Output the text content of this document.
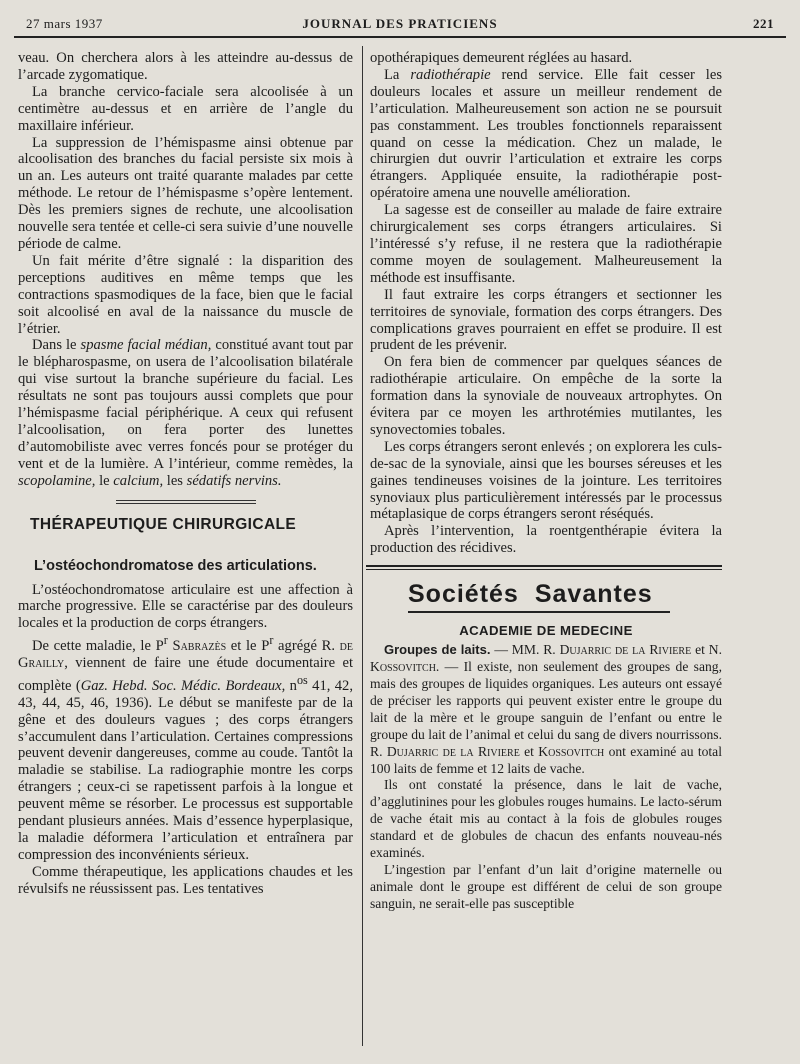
27 mars 1937	JOURNAL DES PRATICIENS	221

veau. On cherchera alors à les atteindre au-dessus de l’arcade zygomatique.

La branche cervico-faciale sera alcoolisée à un centimètre au-dessus et en arrière de l’angle du maxillaire inférieur.

La suppression de l’hémispasme ainsi obtenue par alcoolisation des branches du facial persiste six mois à un an. Les auteurs ont traité quarante malades par cette méthode. Le retour de l’hémispasme s’opère lentement. Dès les premiers signes de rechute, une alcoolisation nouvelle sera tentée et celle-ci sera suivie d’une nouvelle période de calme.

Un fait mérite d’être signalé : la disparition des perceptions auditives en même temps que les contractions spasmodiques de la face, bien que le facial soit alcoolisé en aval de la naissance du muscle de l’étrier.

Dans le spasme facial médian, constitué avant tout par le blépharospasme, on usera de l’alcoolisation bilatérale qui vise surtout la branche supérieure du facial. Les résultats ne sont pas toujours aussi complets que pour l’hémispasme facial périphérique. A ceux qui refusent l’alcoolisation, on fera porter des lunettes d’automobiliste avec verres foncés pour se protéger du vent et de la lumière. A l’intérieur, comme remèdes, la scopolamine, le calcium, les sédatifs nervins.

THÉRAPEUTIQUE CHIRURGICALE
L’ostéochondromatose des articulations.

L’ostéochondromatose articulaire est une affection à marche progressive. Elle se caractérise par des douleurs locales et la production de corps étrangers.

De cette maladie, le $P^r$ Sabrazès et le $P^r$ agrégé R. de Grailly, viennent de faire une étude documentaire et complète (Gaz. Hebd. Soc. Médic. Bordeaux, $n^{os}$ 41, 42, 43, 44, 45, 46, 1936). Le début se manifeste par de la gêne et des douleurs vagues ; des corps étrangers s’accumulent dans l’articulation. Certaines compressions peuvent devenir dangereuses, comme au coude. Tantôt la maladie se stabilise. La radiographie montre les corps étrangers ; ceux-ci se rapetissent parfois à la longue et peuvent même se résorber. Le processus est supportable pendant plusieurs années. Mais d’essence hyperplasique, la maladie déformera l’articulation et entraînera par compression des inconvénients sérieux.

Comme thérapeutique, les applications chaudes et les révulsifs ne réussissent pas. Les tentatives

opothérapiques demeurent réglées au hasard.

La radiothérapie rend service. Elle fait cesser les douleurs locales et assure un meilleur rendement de l’articulation. Malheureusement son action ne se poursuit pas constamment. Les troubles fonctionnels reparaissent quand on cesse la médication. Chez un malade, le chirurgien dut ouvrir l’articulation et extraire les corps étrangers. Appliquée ensuite, la radiothérapie post-opératoire amena une nouvelle amélioration.

La sagesse est de conseiller au malade de faire extraire chirurgicalement ses corps étrangers articulaires. Si l’intéressé s’y refuse, il ne restera que la radiothérapie comme moyen de soulagement. Malheureusement la méthode est insuffisante.

Il faut extraire les corps étrangers et sectionner les territoires de synoviale, formation des corps étrangers. Des complications graves pourraient en effet se produire. Il est prudent de les prévenir.

On fera bien de commencer par quelques séances de radiothérapie articulaire. On empêche de la sorte la formation dans la synoviale de nouveaux artrophytes. On évitera par ce moyen les arthrotémies mutilantes, les synovectomies tobales.

Les corps étrangers seront enlevés ; on explorera les culs-de-sac de la synoviale, ainsi que les bourses séreuses et les gaines tendineuses voisines de la jointure. Les territoires synoviaux plus particulièrement intéressés par le processus métaplasique de corps étrangers seront réséqués.

Après l’intervention, la roentgenthérapie évitera la production des récidives.

Sociétés Savantes
ACADEMIE DE MEDECINE

Groupes de laits. — MM. R. Dujarric de la Riviere et N. Kossovitch. — Il existe, non seulement des groupes de sang, mais des groupes de liquides organiques. Les auteurs ont essayé de préciser les rapports qui peuvent exister entre le groupe du lait de la mère et le groupe sanguin de l’enfant ou entre le groupe du lait de l’animal et celui du sang de divers nourrissons. R. Dujarric de la Riviere et Kossovitch ont examiné au total 100 laits de femme et 12 laits de vache.

Ils ont constaté la présence, dans le lait de vache, d’agglutinines pour les globules rouges humains. Le lacto-sérum de vache était mis au contact à la fois de globules rouges standard et de globules de chacun des enfants nouveau-nés examinés.

L’ingestion par l’enfant d’un lait d’origine maternelle ou animale dont le groupe est différent de celui de son groupe sanguin, ne serait-elle pas susceptible
